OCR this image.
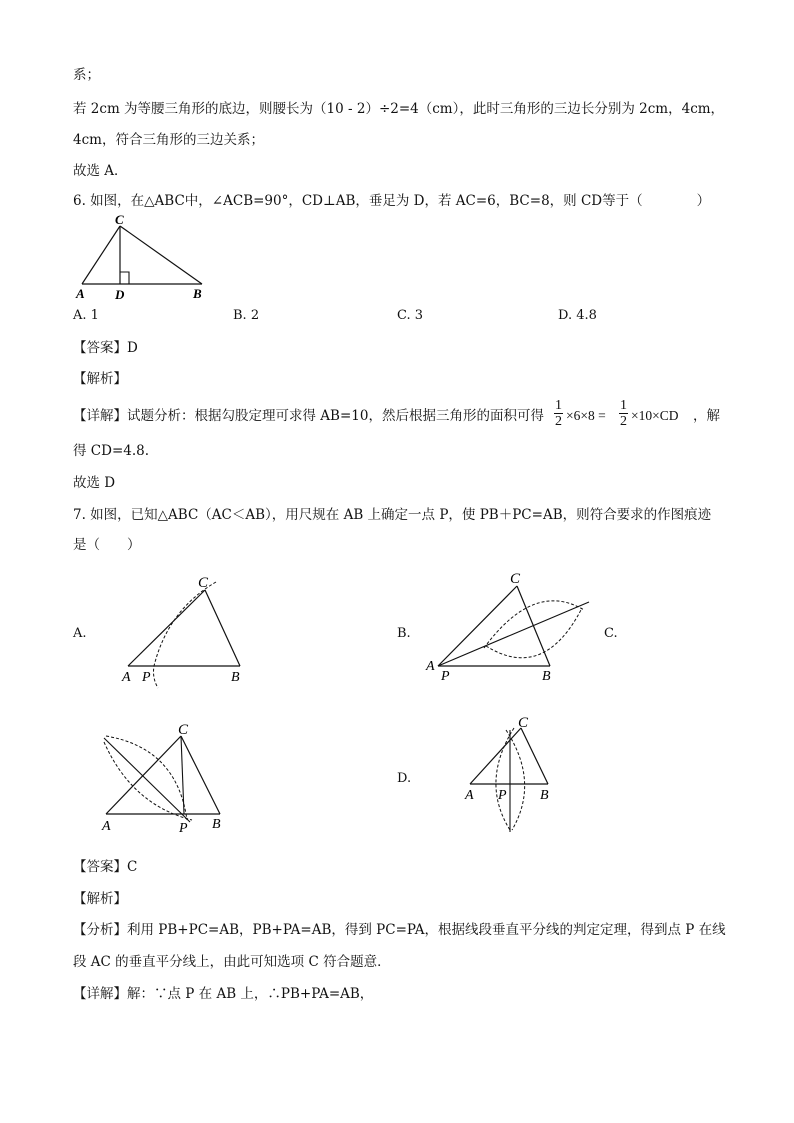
系；
若 2cm 为等腰三角形的底边，则腰长为（10 - 2）÷2=4（cm），此时三角形的三边长分别为 2cm，4cm，
4cm，符合三角形的三边关系；
故选 A．
6. 如图，在△ABC中，∠ACB=90°，CD⊥AB，垂足为 D，若 AC=6，BC=8，则 CD等于（　　　　）
C
A D	B
A. 1	B. 2	C. 3	D. 4.8
【答案】D
【解析】
【详解】试题分析：根据勾股定理可求得 AB=10，然后根据三角形的面积可得 $\frac{1}{2} \times 6\times 8 = \frac{1}{2} \times 10\times CD$ ，解
得 CD=4.8.
故选 D
7. 如图，已知△ABC（AC＜AB），用尺规在 AB 上确定一点 P，使 PB＋PC=AB，则符合要求的作图痕迹
是（　　）
A.
C
A P	B
B.
C
A
P	B
C.
C
A	P B
D.
C
A P B
【答案】C
【解析】
【分析】利用 PB+PC=AB，PB+PA=AB，得到 PC=PA，根据线段垂直平分线的判定定理，得到点 P 在线
段 AC 的垂直平分线上，由此可知选项 C 符合题意．
【详解】解：∵点 P 在 AB 上，∴PB+PA=AB，
